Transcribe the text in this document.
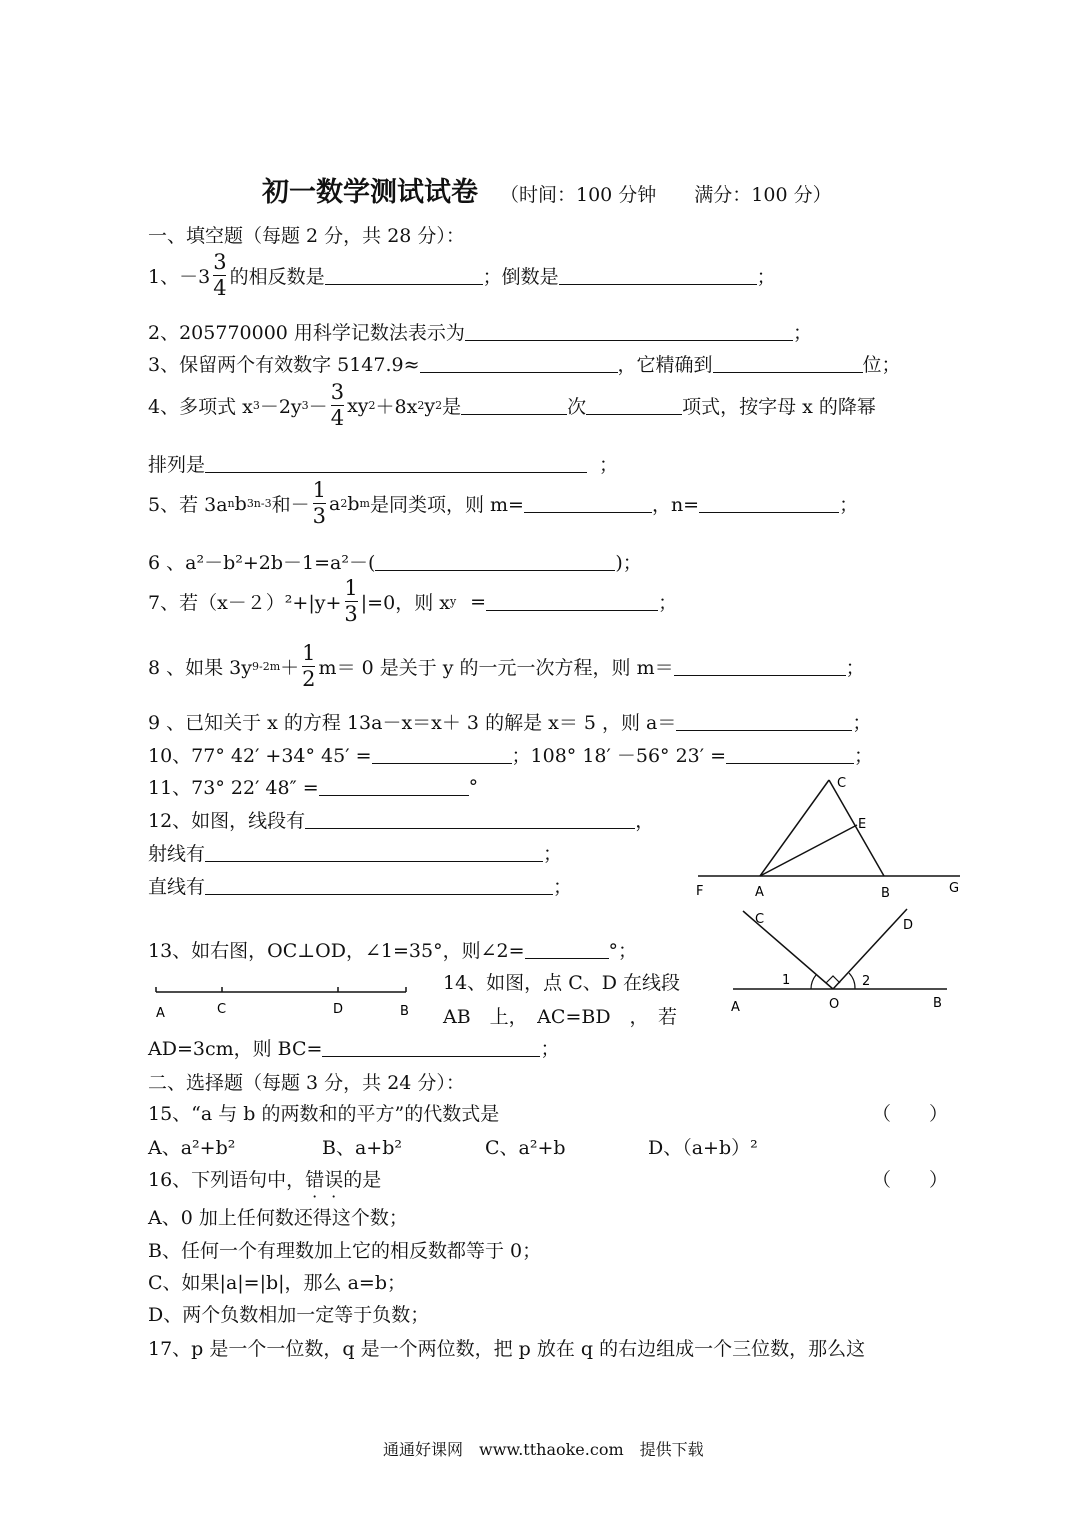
初一数学测试试卷 （时间：100 分钟　　满分：100 分）
一、填空题（每题 2 分，共 28 分）：
1、$-3 \frac{3}{4}$ 的相反数是	；倒数是	；
2、205770000 用科学记数法表示为	；
3、保留两个有效数字 5147.9≈	，它精确到	位；
4、多项式 x 3 －2y $3 - \frac{3}{4}$ xy 2 ＋8x 2 y 2 是	次	项式，按字母 x 的降幂
排列是	；
5、若 3a n b 3n-3 和－ $\frac{1}{3}$ a 2 b m 是同类项，则 m=	，n=	；
6 、a²－b²+2b－1=a²－(	)；
7、若$(x-2)^2+|y+ \frac{1}{3} |=0$，则 x y =	；
8 、如果 3y $9-2m + \frac{1}{2} m= 0$ 是关于 y 的一元一次方程，则 m＝	；
9 、已知关于 x 的方程 13a－x＝x＋ 3 的解是 x＝ 5 ，则 a＝	；
10、77° 42′ +34° 45′ =	；108° 18′ －56° 23′ =	；
11、73° 22′ 48″ =	°
12、如图，线段有	，
射线有	；
直线有	；
C
E
F	A	B	G
13、如右图，OC⊥OD，∠1=35°，则∠2=	°；
C	D
1	2
A	O	B
A	C	D	B
14、如图，点 C、D 在线段
AB　上，　AC=BD　，　若
AD=3cm，则 BC=	；
二、选择题（每题 3 分，共 24 分）：
15、“a 与 b 的两数和的平方”的代数式是	（　　）
A、a²+b²	B、a+b²	C、a²+b	D、（a+b）²
16、下列语句中， 错 · 误 · 的是	（　　）
A、0 加上任何数还得这个数；
B、任何一个有理数加上它的相反数都等于 0；
C、如果|a|=|b|，那么 a=b；
D、两个负数相加一定等于负数；
17、p 是一个一位数，q 是一个两位数，把 p 放在 q 的右边组成一个三位数，那么这
通通好课网　www.tthaoke.com　提供下载
